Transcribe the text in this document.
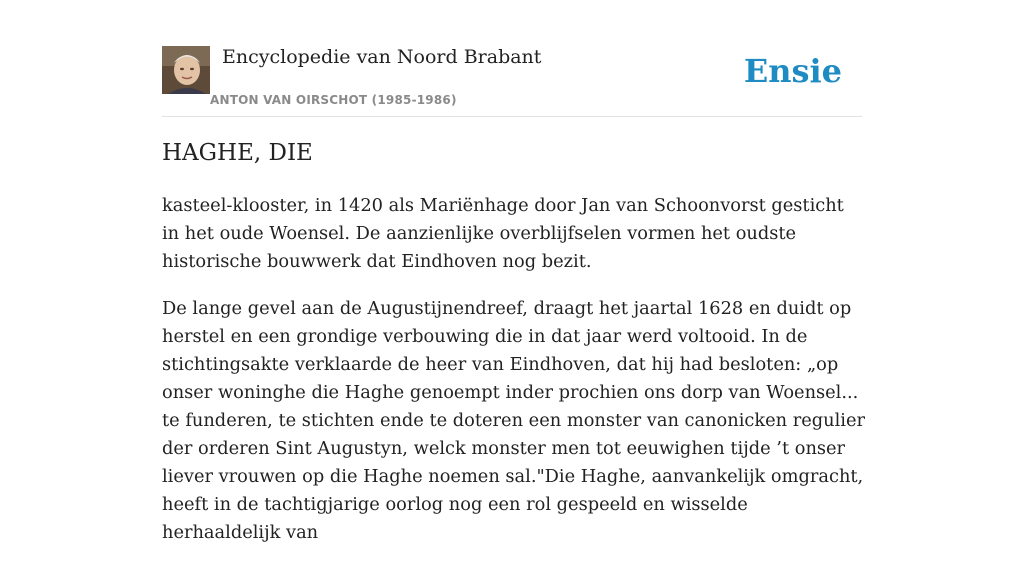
Encyclopedie van Noord Brabant
ANTON VAN OIRSCHOT (1985-1986)
Ensie
HAGHE, DIE

kasteel-klooster, in 1420 als Mariënhage door Jan van Schoonvorst gesticht in het oude Woensel. De aanzienlijke overblijfselen vormen het oudste historische bouwwerk dat Eindhoven nog bezit.

De lange gevel aan de Augustijnendreef, draagt het jaartal 1628 en duidt op herstel en een grondige verbouwing die in dat jaar werd voltooid. In de stichtingsakte verklaarde de heer van Eindhoven, dat hij had besloten: „op onser woninghe die Haghe genoempt inder prochien ons dorp van Woensel... te funderen, te stichten ende te doteren een monster van canonicken regulier der orderen Sint Augustyn, welck monster men tot eeuwighen tijde ’t onser liever vrouwen op die Haghe noemen sal."Die Haghe, aanvankelijk omgracht, heeft in de tachtigjarige oorlog nog een rol gespeeld en wisselde herhaaldelijk van
